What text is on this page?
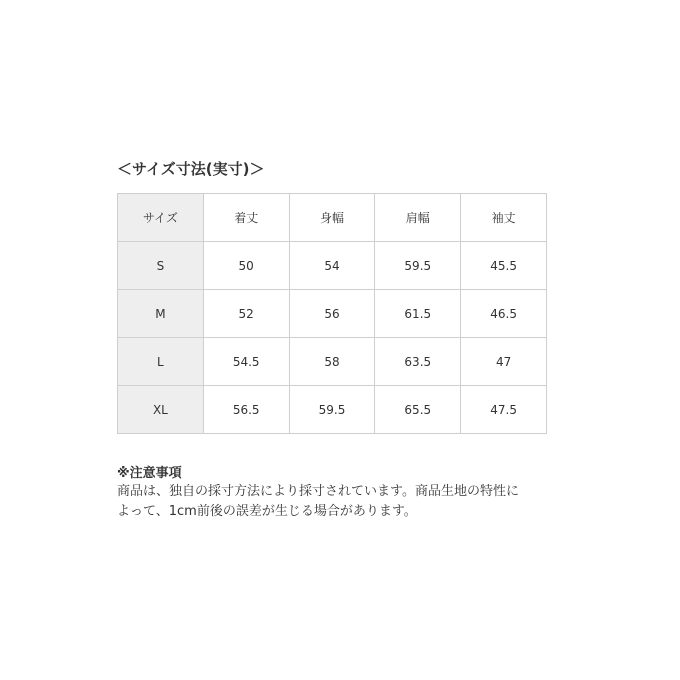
＜サイズ寸法(実寸)＞
サイズ	着丈	身幅	肩幅	袖丈
S	50	54	59.5	45.5
M	52	56	61.5	46.5
L	54.5	58	63.5	47
XL	56.5	59.5	65.5	47.5
※注意事項
商品は、独自の採寸方法により採寸されています。商品生地の特性に
よって、1cm前後の誤差が生じる場合があります。
